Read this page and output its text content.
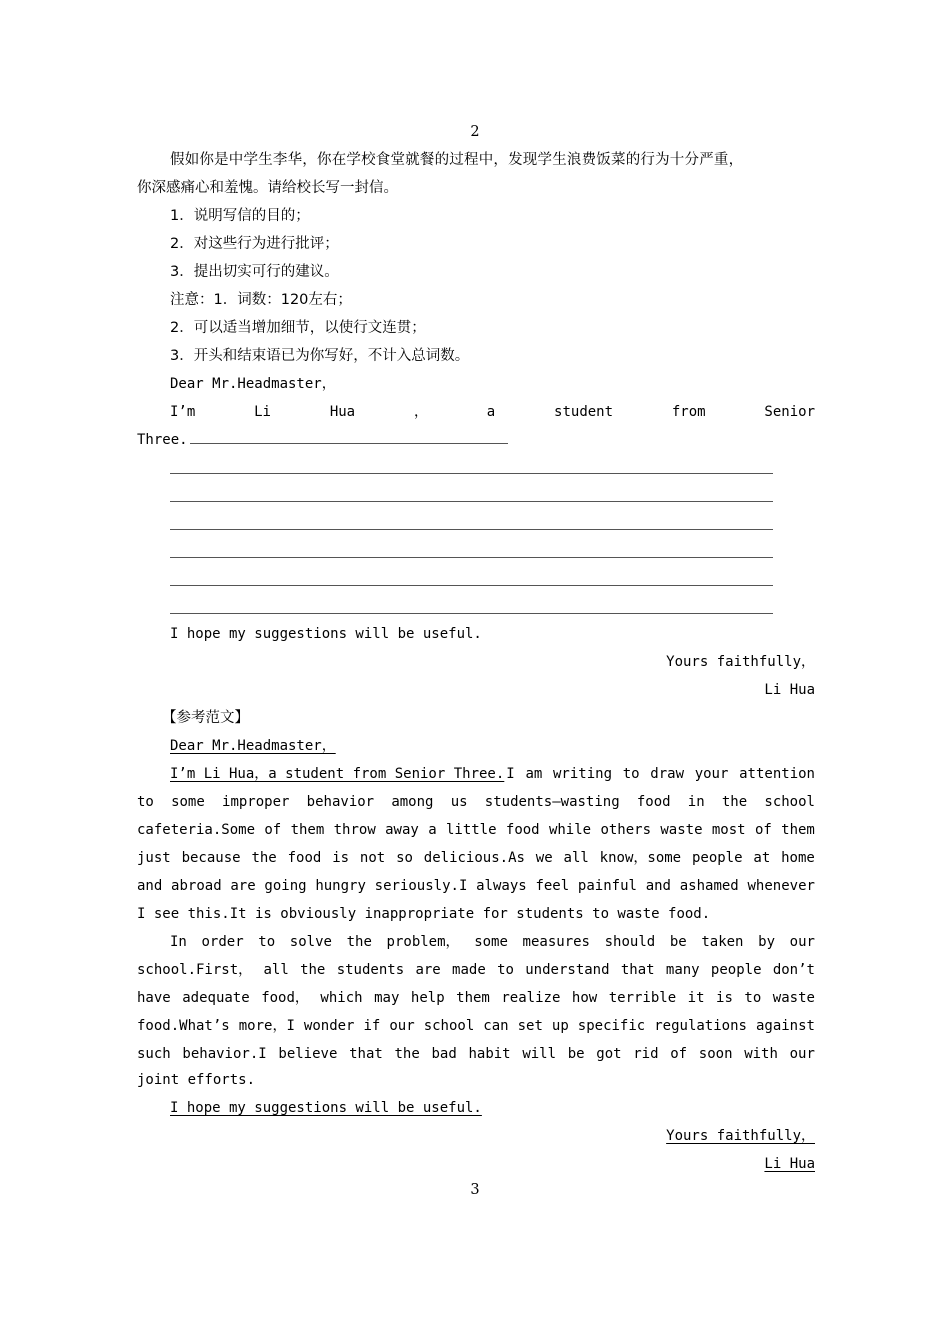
2
假如你是中学生李华，你在学校食堂就餐的过程中，发现学生浪费饭菜的行为十分严重，
你深感痛心和羞愧。请给校长写一封信。
1．说明写信的目的；
2．对这些行为进行批评；
3．提出切实可行的建议。
注意：1．词数：120左右；
2．可以适当增加细节，以使行文连贯；
3．开头和结束语已为你写好，不计入总词数。
Dear Mr.Headmaster，
I’m	Li	Hua	，	a	student	from	Senior
Three.
I hope my suggestions will be useful.
Yours faithfully，
Li Hua
【参考范文】
Dear Mr.Headmaster，
I’m Li Hua，a student from Senior Three. I am writing to draw your attention
to some improper behavior among us students—wasting food in the school
cafeteria.Some of them throw away a little food while others waste most of them
just because the food is not so delicious.As we all know，some people at home
and abroad are going hungry seriously.I always feel painful and ashamed whenever
I see this.It is obviously inappropriate for students to waste food.
In order to solve the problem， some measures should be taken by our
school.First， all the students are made to understand that many people don’t
have adequate food， which may help them realize how terrible it is to waste
food.What’s more，I wonder if our school can set up specific regulations against
such behavior.I believe that the bad habit will be got rid of soon with our
joint efforts.
I hope my suggestions will be useful.
Yours faithfully，
Li Hua
3
